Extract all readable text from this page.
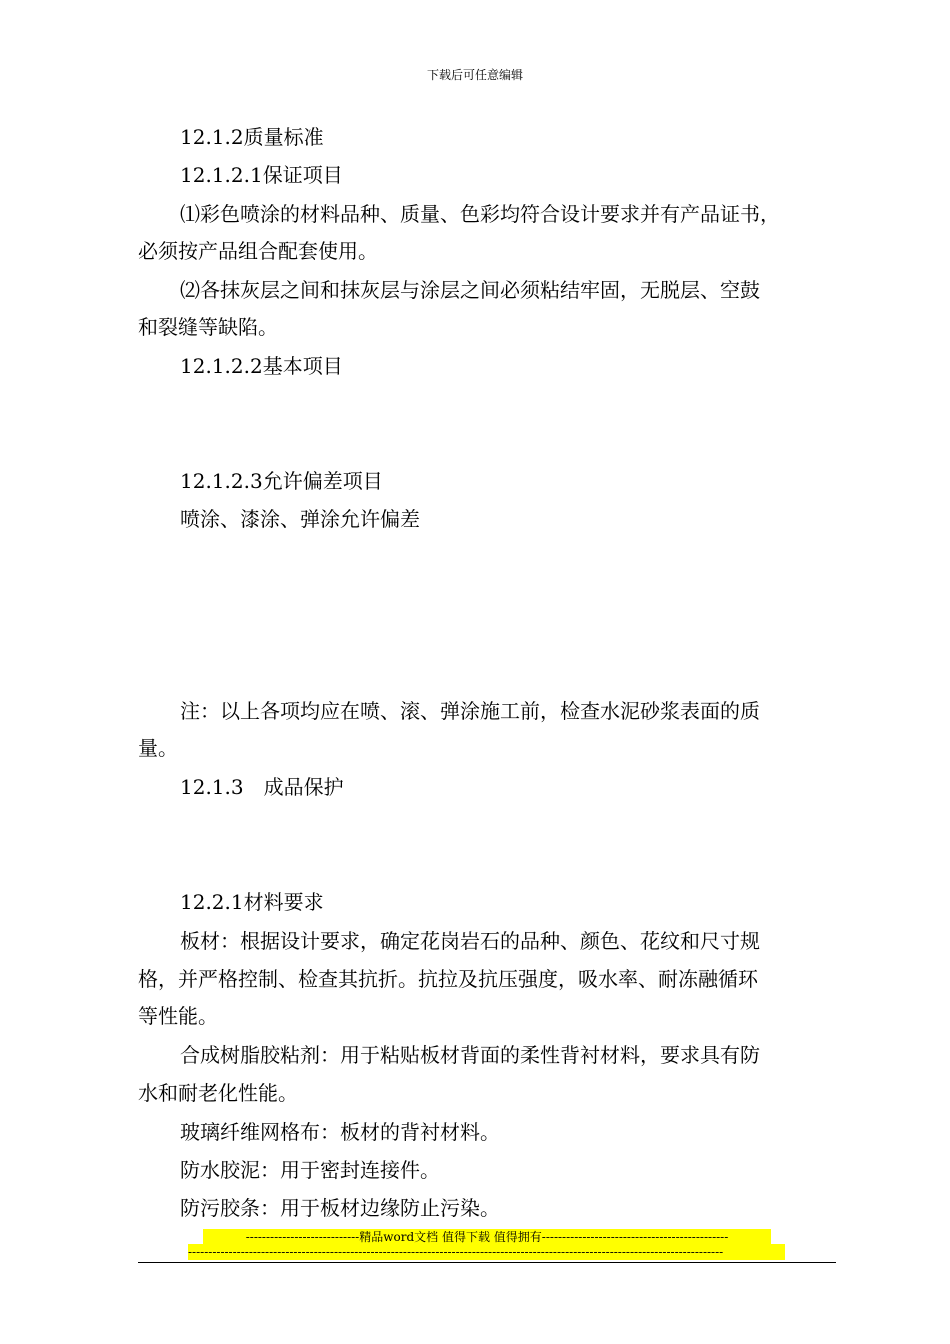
下载后可任意编辑
12.1.2质量标准
12.1.2.1保证项目
⑴彩色喷涂的材料品种、质量、色彩均符合设计要求并有产品证书，
必须按产品组合配套使用。
⑵各抹灰层之间和抹灰层与涂层之间必须粘结牢固，无脱层、空鼓
和裂缝等缺陷。
12.1.2.2基本项目
12.1.2.3允许偏差项目
喷涂、漆涂、弹涂允许偏差
注：以上各项均应在喷、滚、弹涂施工前，检查水泥砂浆表面的质
量。
12.1.3　成品保护
12.2.1材料要求
板材：根据设计要求，确定花岗岩石的品种、颜色、花纹和尺寸规
格，并严格控制、检查其抗折。抗拉及抗压强度，吸水率、耐冻融循环
等性能。
合成树脂胶粘剂：用于粘贴板材背面的柔性背衬材料，要求具有防
水和耐老化性能。
玻璃纤维网格布：板材的背衬材料。
防水胶泥：用于密封连接件。
防污胶条：用于板材边缘防止污染。
----------------------------精品word文档 值得下载 值得拥有----------------------------------------------
------------------------------------------------------------------------------------------------------------------------------------
